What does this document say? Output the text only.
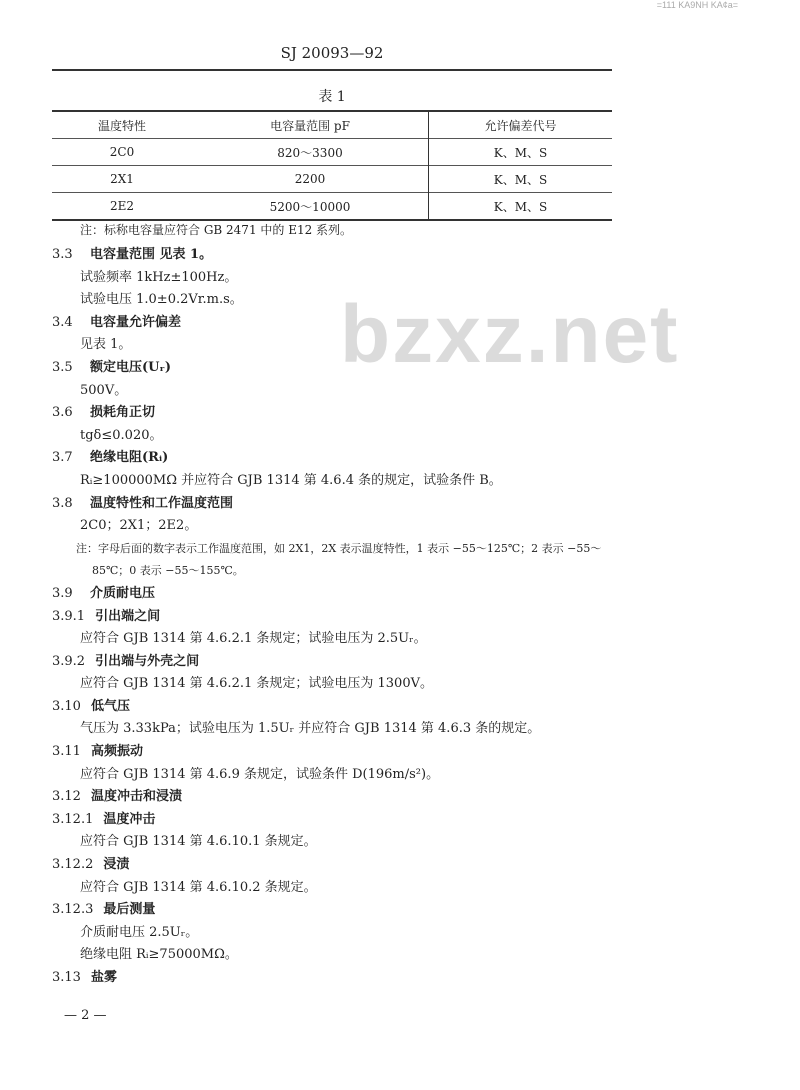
=111 KA9NH KA¢a=
SJ 20093—92
表 1
温度特性	电容量范围 pF	允许偏差代号
2C0	820～3300	K、M、S
2X1	2200	K、M、S
2E2	5200～10000	K、M、S
注：标称电容量应符合 GB 2471 中的 E12 系列。
3.3 电容量范围 见表 1。
试验频率 1kHz±100Hz。
试验电压 1.0±0.2Vr.m.s。
3.4 电容量允许偏差
见表 1。
3.5 额定电压(Uᵣ)
500V。
3.6 损耗角正切
tgδ≤0.020。
3.7 绝缘电阻(Rᵢ)
Rᵢ≥100000MΩ 并应符合 GJB 1314 第 4.6.4 条的规定，试验条件 B。
3.8 温度特性和工作温度范围
2C0；2X1；2E2。
注：字母后面的数字表示工作温度范围，如 2X1，2X 表示温度特性，1 表示 −55～125℃；2 表示 −55～
85℃；0 表示 −55～155℃。
3.9 介质耐电压
3.9.1 引出端之间
应符合 GJB 1314 第 4.6.2.1 条规定；试验电压为 2.5Uᵣ。
3.9.2 引出端与外壳之间
应符合 GJB 1314 第 4.6.2.1 条规定；试验电压为 1300V。
3.10 低气压
气压为 3.33kPa；试验电压为 1.5Uᵣ 并应符合 GJB 1314 第 4.6.3 条的规定。
3.11 高频振动
应符合 GJB 1314 第 4.6.9 条规定，试验条件 D(196m/s²)。
3.12 温度冲击和浸渍
3.12.1 温度冲击
应符合 GJB 1314 第 4.6.10.1 条规定。
3.12.2 浸渍
应符合 GJB 1314 第 4.6.10.2 条规定。
3.12.3 最后测量
介质耐电压 2.5Uᵣ。
绝缘电阻 Rᵢ≥75000MΩ。
3.13 盐雾
bzxz.net
— 2 —
